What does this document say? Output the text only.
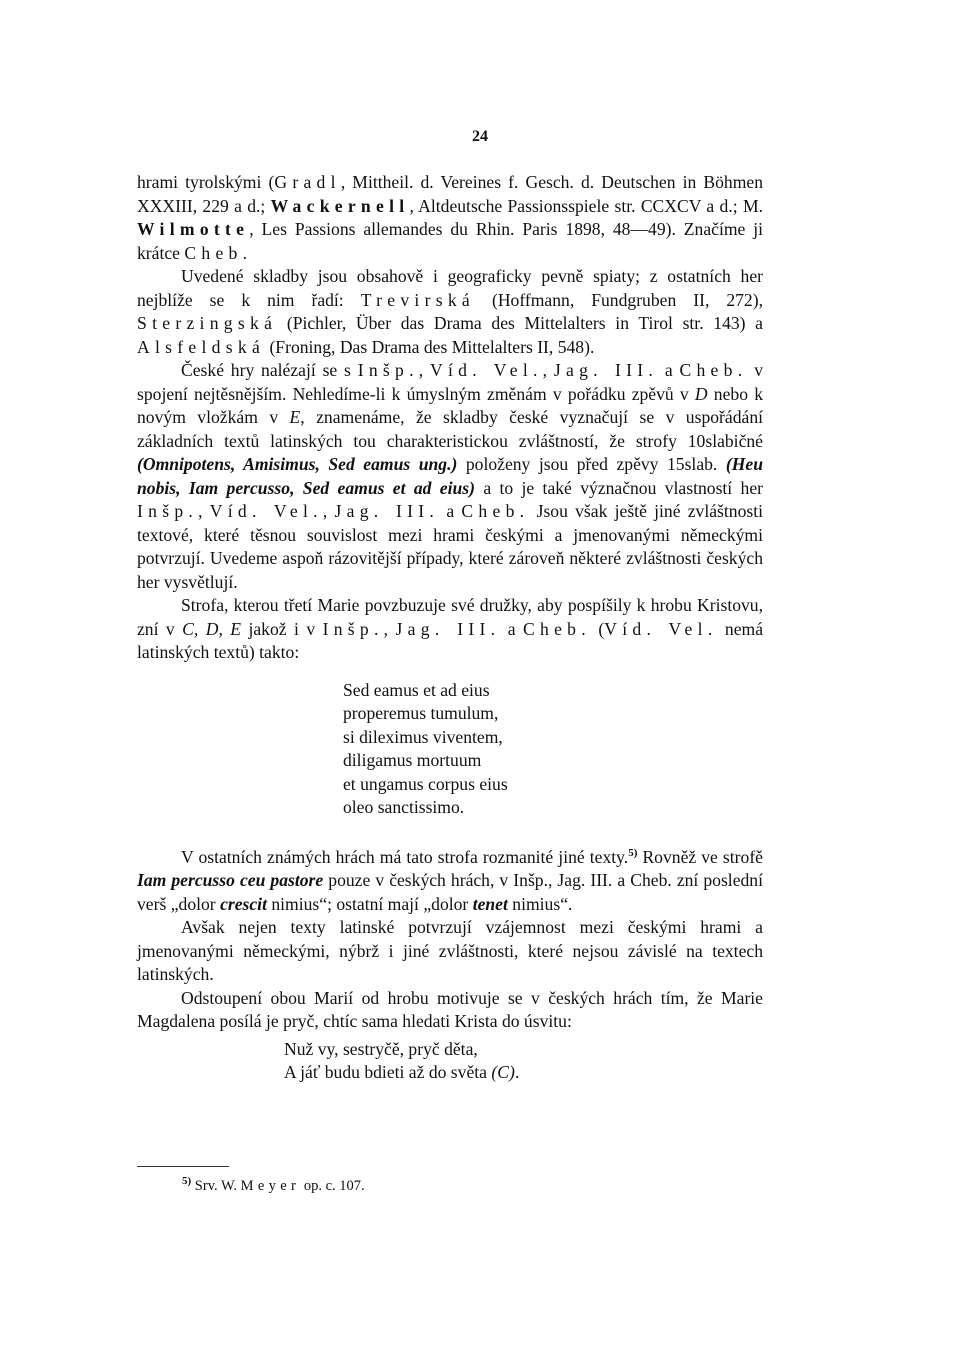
24

hrami tyrolskými (Gradl, Mittheil. d. Vereines f. Gesch. d. Deutschen in Böhmen XXXIII, 229 a d.; Wackernell, Altdeutsche Passionsspiele str. CCXCV a d.; M. Wilmotte, Les Passions allemandes du Rhin. Paris 1898, 48—49). Značíme ji krátce Cheb.

Uvedené skladby jsou obsahově i geograficky pevně spiaty; z ostatních her nejblíže se k nim řadí: Trevirská (Hoffmann, Fundgruben II, 272), Sterzingská (Pichler, Über das Drama des Mittelalters in Tirol str. 143) a Alsfeldská (Froning, Das Drama des Mittelalters II, 548).

České hry nalézají se s Inšp., Víd. Vel., Jag. III. a Cheb. v spojení nejtěsnějším. Nehledíme-li k úmyslným změnám v pořádku zpěvů v D nebo k novým vložkám v E, znamenáme, že skladby české vyznačují se v uspořádání základních textů latinských tou charakteristickou zvláštností, že strofy 10slabičné (Omnipotens, Amisimus, Sed eamus ung.) položeny jsou před zpěvy 15slab. (Heu nobis, Iam percusso, Sed eamus et ad eius) a to je také význačnou vlastností her Inšp., Víd. Vel., Jag. III. a Cheb. Jsou však ještě jiné zvláštnosti textové, které těsnou souvislost mezi hrami českými a jmenovanými německými potvrzují. Uvedeme aspoň rázovitější případy, které zároveň některé zvláštnosti českých her vysvětlují.

Strofa, kterou třetí Marie povzbuzuje své družky, aby pospíšily k hrobu Kristovu, zní v C, D, E jakož i v Inšp., Jag. III. a Cheb. (Víd. Vel. nemá latinských textů) takto:

Sed eamus et ad eius
properemus tumulum,
si dileximus viventem,
diligamus mortuum
et ungamus corpus eius
oleo sanctissimo.

V ostatních známých hrách má tato strofa rozmanité jiné texty.$^{5)}$ Rovněž ve strofě Iam percusso ceu pastore pouze v českých hrách, v Inšp., Jag. III. a Cheb. zní poslední verš „dolor crescit nimius“; ostatní mají „dolor tenet nimius“.

Avšak nejen texty latinské potvrzují vzájemnost mezi českými hrami a jmenovanými německými, nýbrž i jiné zvláštnosti, které nejsou závislé na textech latinských.

Odstoupení obou Marií od hrobu motivuje se v českých hrách tím, že Marie Magdalena posílá je pryč, chtíc sama hledati Krista do úsvitu:

Nuž vy, sestryčě, pryč děta,
A jáť budu bdieti až do světa (C).
$^{5)}$ Srv. W. Meyer op. c. 107.
